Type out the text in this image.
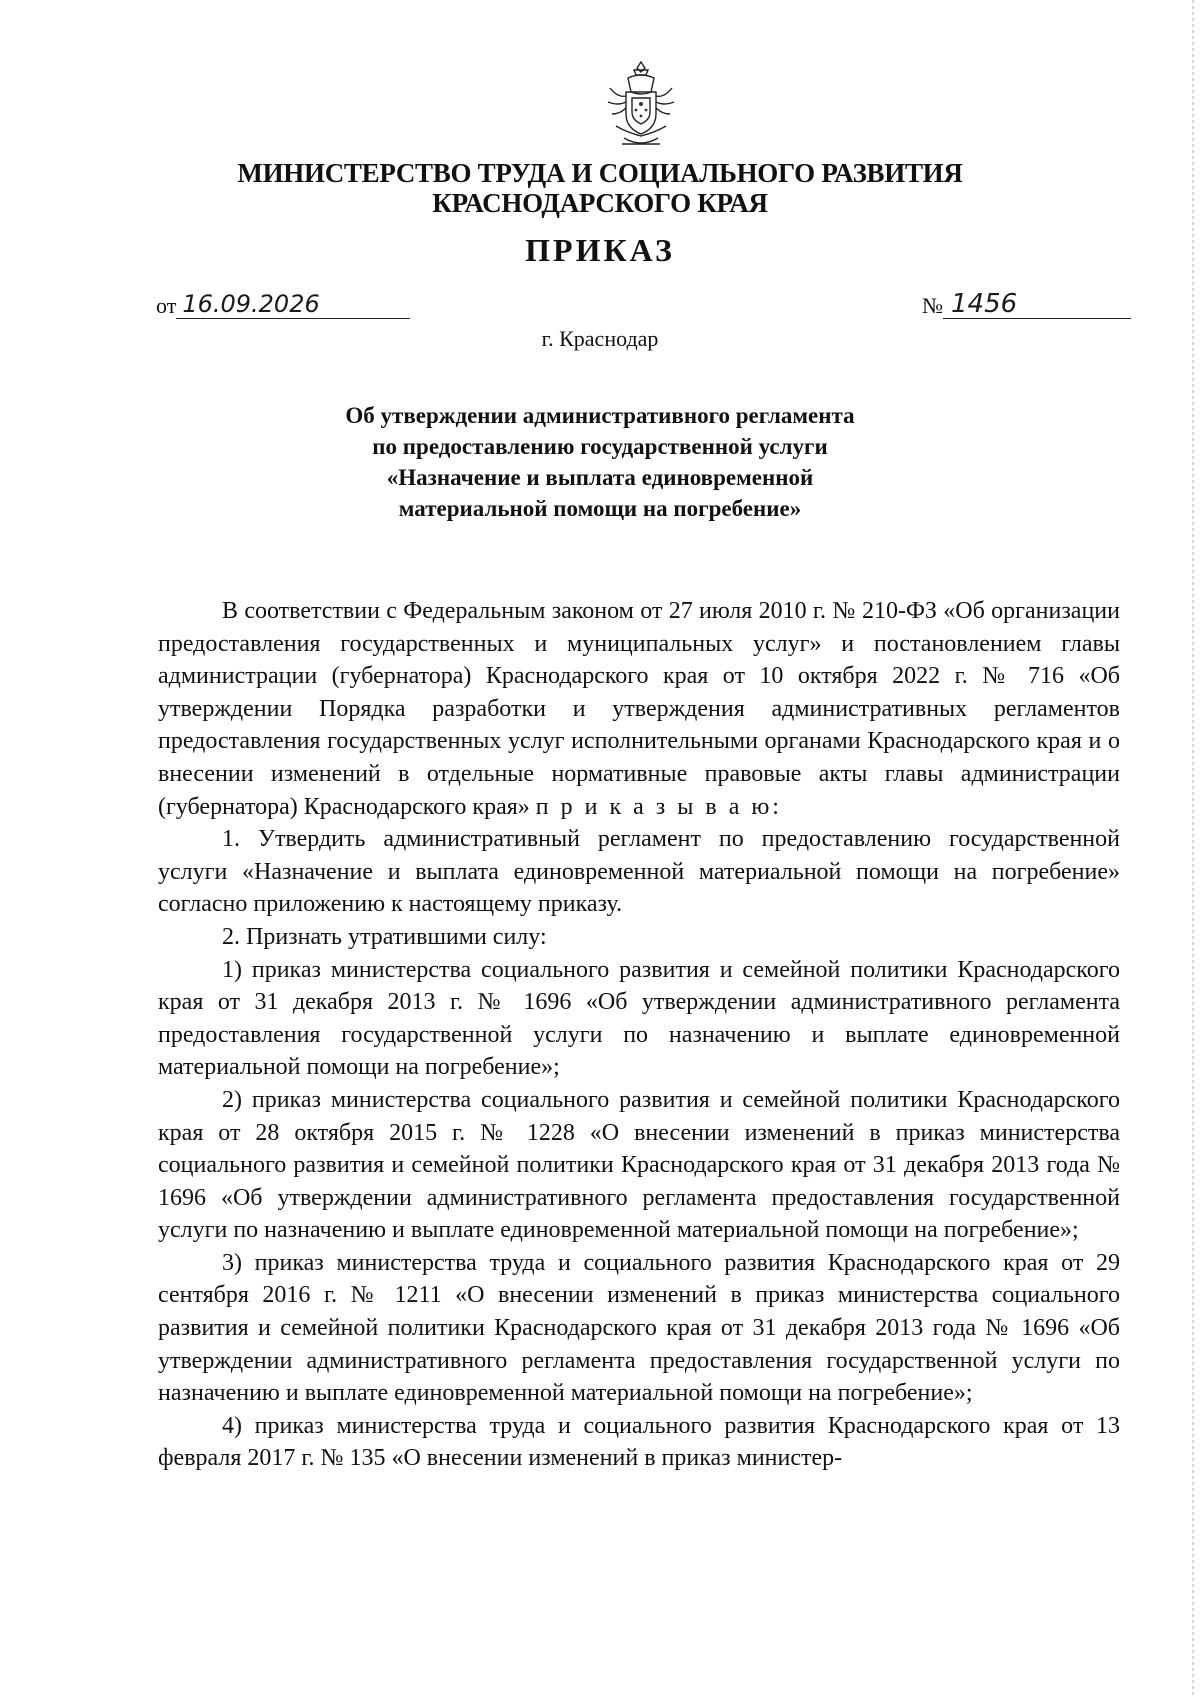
МИНИСТЕРСТВО ТРУДА И СОЦИАЛЬНОГО РАЗВИТИЯ
КРАСНОДАРСКОГО КРАЯ
ПРИКАЗ
от 16.09.2026	№ 1456
г. Краснодар
Об утверждении административного регламента
по предоставлению государственной услуги
«Назначение и выплата единовременной
материальной помощи на погребение»

В соответствии с Федеральным законом от 27 июля 2010 г. № 210-ФЗ «Об организации предоставления государственных и муниципальных услуг» и постановлением главы администрации (губернатора) Краснодарского края от 10 октября 2022 г. № 716 «Об утверждении Порядка разработки и утверждения административных регламентов предоставления государственных услуг исполнительными органами Краснодарского края и о внесении изменений в отдельные нормативные правовые акты главы администрации (губернатора) Краснодарского края» п р и к а з ы в а ю:

1. Утвердить административный регламент по предоставлению государственной услуги «Назначение и выплата единовременной материальной помощи на погребение» согласно приложению к настоящему приказу.

2. Признать утратившими силу:

1) приказ министерства социального развития и семейной политики Краснодарского края от 31 декабря 2013 г. № 1696 «Об утверждении административного регламента предоставления государственной услуги по назначению и выплате единовременной материальной помощи на погребение»;

2) приказ министерства социального развития и семейной политики Краснодарского края от 28 октября 2015 г. № 1228 «О внесении изменений в приказ министерства социального развития и семейной политики Краснодарского края от 31 декабря 2013 года № 1696 «Об утверждении административного регламента предоставления государственной услуги по назначению и выплате единовременной материальной помощи на погребение»;

3) приказ министерства труда и социального развития Краснодарского края от 29 сентября 2016 г. № 1211 «О внесении изменений в приказ министерства социального развития и семейной политики Краснодарского края от 31 декабря 2013 года № 1696 «Об утверждении административного регламента предоставления государственной услуги по назначению и выплате единовременной материальной помощи на погребение»;

4) приказ министерства труда и социального развития Краснодарского края от 13 февраля 2017 г. № 135 «О внесении изменений в приказ министер-
